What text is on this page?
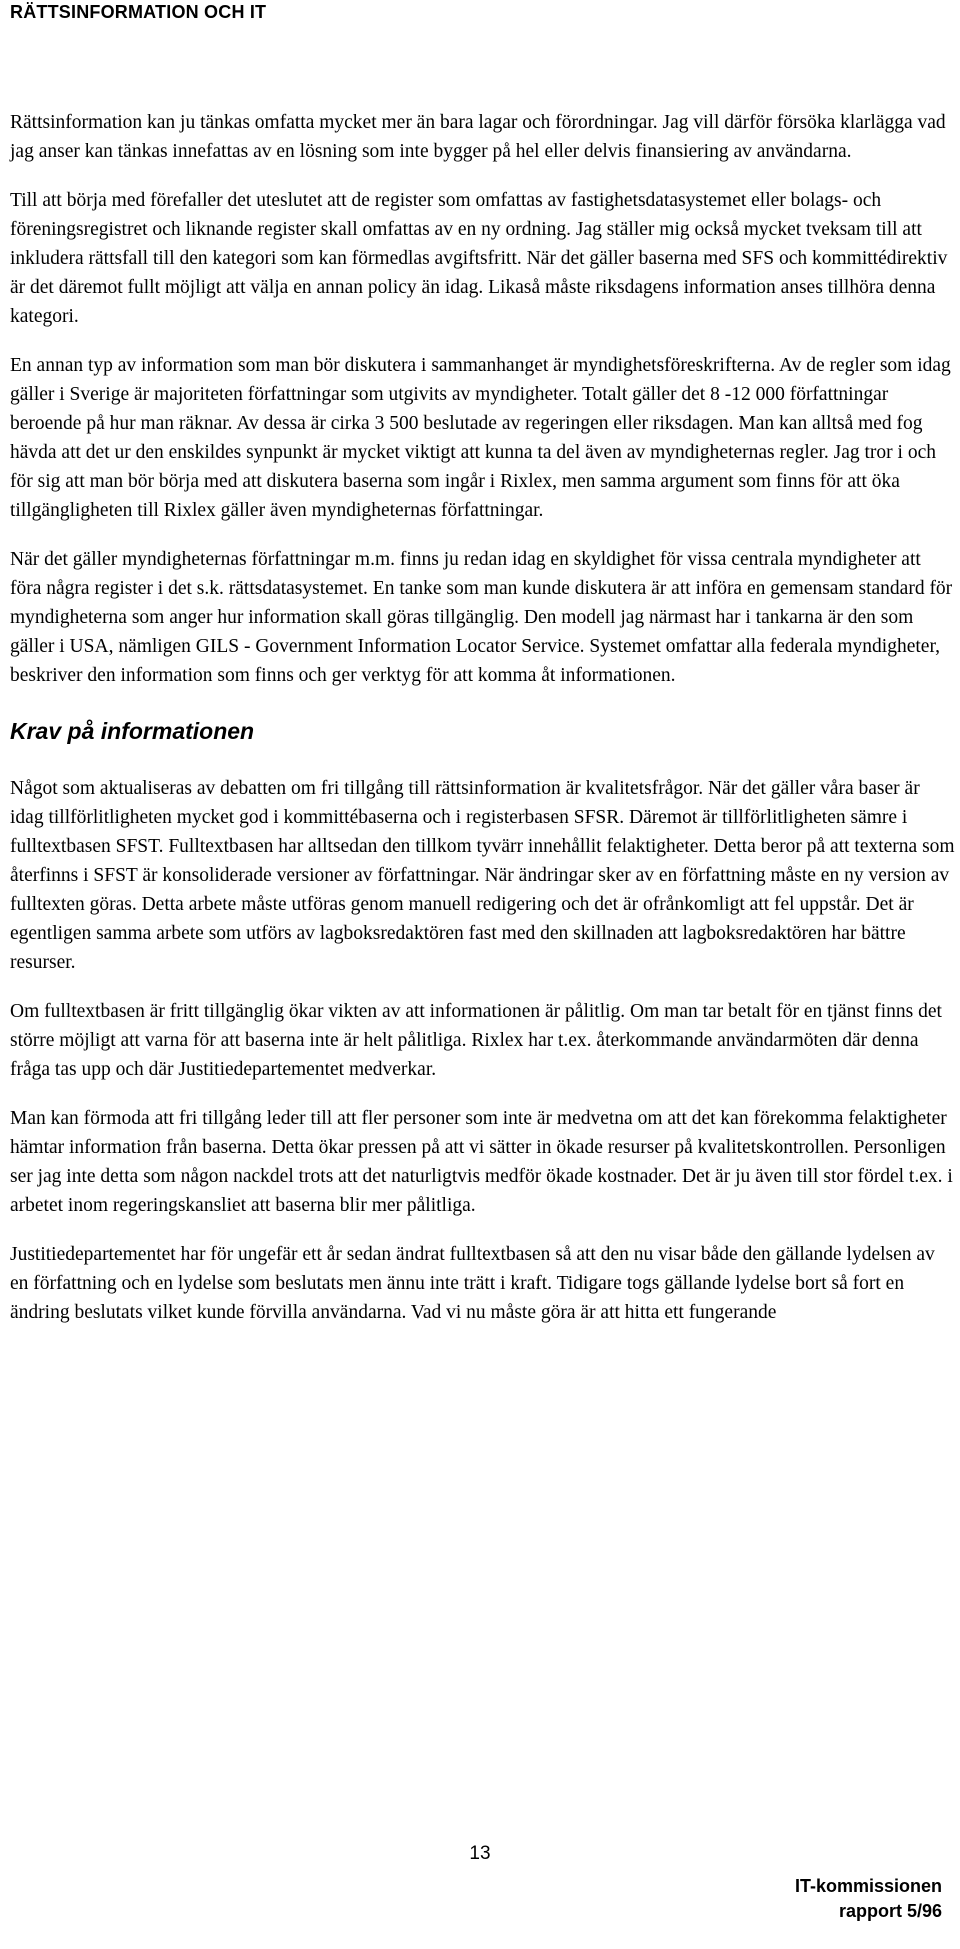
RÄTTSINFORMATION OCH IT

Rättsinformation kan ju tänkas omfatta mycket mer än bara lagar och förordningar. Jag vill därför försöka klarlägga vad jag anser kan tänkas innefattas av en lösning som inte bygger på hel eller delvis finansiering av användarna.

Till att börja med förefaller det uteslutet att de register som omfattas av fastighetsdatasystemet eller bolags- och föreningsregistret och liknande register skall omfattas av en ny ordning. Jag ställer mig också mycket tveksam till att inkludera rättsfall till den kategori som kan förmedlas avgiftsfritt. När det gäller baserna med SFS och kommittédirektiv är det däremot fullt möjligt att välja en annan policy än idag. Likaså måste riksdagens information anses tillhöra denna kategori.

En annan typ av information som man bör diskutera i sammanhanget är myndighetsföreskrifterna. Av de regler som idag gäller i Sverige är majoriteten författningar som utgivits av myndigheter. Totalt gäller det 8 -12 000 författningar beroende på hur man räknar. Av dessa är cirka 3 500 beslutade av regeringen eller riksdagen. Man kan alltså med fog hävda att det ur den enskildes synpunkt är mycket viktigt att kunna ta del även av myndigheternas regler. Jag tror i och för sig att man bör börja med att diskutera baserna som ingår i Rixlex, men samma argument som finns för att öka tillgängligheten till Rixlex gäller även myndigheternas författningar.

När det gäller myndigheternas författningar m.m. finns ju redan idag en skyldighet för vissa centrala myndigheter att föra några register i det s.k. rättsdatasystemet. En tanke som man kunde diskutera är att införa en gemensam standard för myndigheterna som anger hur information skall göras tillgänglig. Den modell jag närmast har i tankarna är den som gäller i USA, nämligen GILS - Government Information Locator Service. Systemet omfattar alla federala myndigheter, beskriver den information som finns och ger verktyg för att komma åt informationen.

Krav på informationen

Något som aktualiseras av debatten om fri tillgång till rättsinformation är kvalitetsfrågor. När det gäller våra baser är idag tillförlitligheten mycket god i kommittébaserna och i registerbasen SFSR. Däremot är tillförlitligheten sämre i fulltextbasen SFST. Fulltextbasen har alltsedan den tillkom tyvärr innehållit felaktigheter. Detta beror på att texterna som återfinns i SFST är konsoliderade versioner av författningar. När ändringar sker av en författning måste en ny version av fulltexten göras. Detta arbete måste utföras genom manuell redigering och det är ofrånkomligt att fel uppstår. Det är egentligen samma arbete som utförs av lagboksredaktören fast med den skillnaden att lagboksredaktören har bättre resurser.

Om fulltextbasen är fritt tillgänglig ökar vikten av att informationen är pålitlig. Om man tar betalt för en tjänst finns det större möjligt att varna för att baserna inte är helt pålitliga. Rixlex har t.ex. återkommande användarmöten där denna fråga tas upp och där Justitiedepartementet medverkar.

Man kan förmoda att fri tillgång leder till att fler personer som inte är medvetna om att det kan förekomma felaktigheter hämtar information från baserna. Detta ökar pressen på att vi sätter in ökade resurser på kvalitetskontrollen. Personligen ser jag inte detta som någon nackdel trots att det naturligtvis medför ökade kostnader. Det är ju även till stor fördel t.ex. i arbetet inom regeringskansliet att baserna blir mer pålitliga.

Justitiedepartementet har för ungefär ett år sedan ändrat fulltextbasen så att den nu visar både den gällande lydelsen av en författning och en lydelse som beslutats men ännu inte trätt i kraft. Tidigare togs gällande lydelse bort så fort en ändring beslutats vilket kunde förvilla användarna. Vad vi nu måste göra är att hitta ett fungerande

13
IT-kommissionen
rapport 5/96
